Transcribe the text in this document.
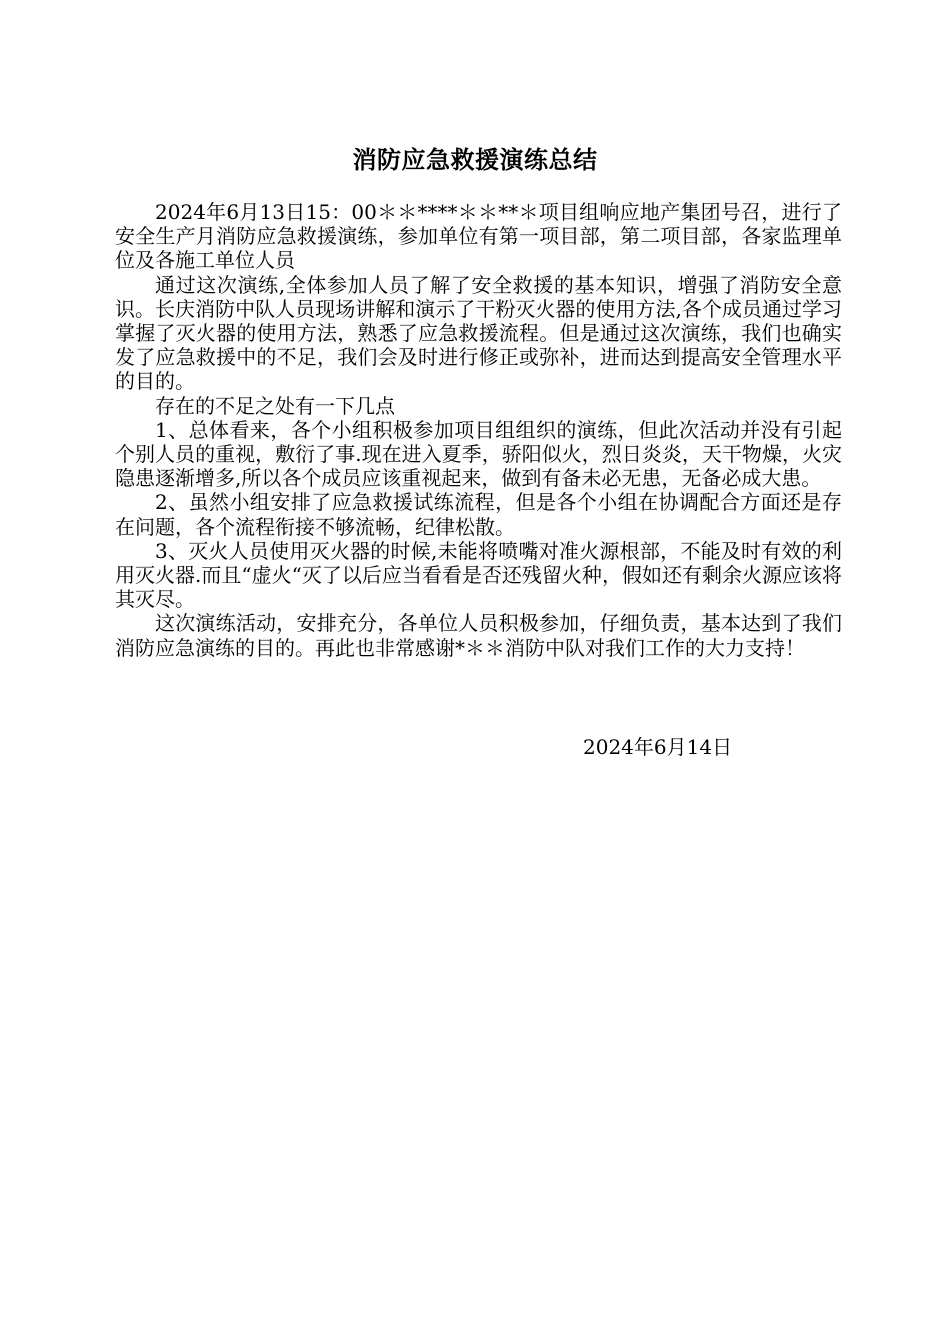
消防应急救援演练总结

2024年6月13日15：00＊＊****＊＊**＊项目组响应地产集团号召，进行了安全生产月消防应急救援演练，参加单位有第一项目部，第二项目部，各家监理单位及各施工单位人员

通过这次演练,全体参加人员了解了安全救援的基本知识，增强了消防安全意识。长庆消防中队人员现场讲解和演示了干粉灭火器的使用方法,各个成员通过学习掌握了灭火器的使用方法，熟悉了应急救援流程。但是通过这次演练，我们也确实发了应急救援中的不足，我们会及时进行修正或弥补，进而达到提高安全管理水平的目的。

存在的不足之处有一下几点

1、总体看来，各个小组积极参加项目组组织的演练，但此次活动并没有引起个别人员的重视，敷衍了事.现在进入夏季，骄阳似火，烈日炎炎，天干物燥，火灾隐患逐渐增多,所以各个成员应该重视起来，做到有备未必无患，无备必成大患。

2、虽然小组安排了应急救援试练流程，但是各个小组在协调配合方面还是存在问题，各个流程衔接不够流畅，纪律松散。

3、灭火人员使用灭火器的时候,未能将喷嘴对准火源根部，不能及时有效的利用灭火器.而且“虚火“灭了以后应当看看是否还残留火种，假如还有剩余火源应该将其灭尽。

这次演练活动，安排充分，各单位人员积极参加，仔细负责，基本达到了我们消防应急演练的目的。再此也非常感谢*＊＊消防中队对我们工作的大力支持！

2024年6月14日
